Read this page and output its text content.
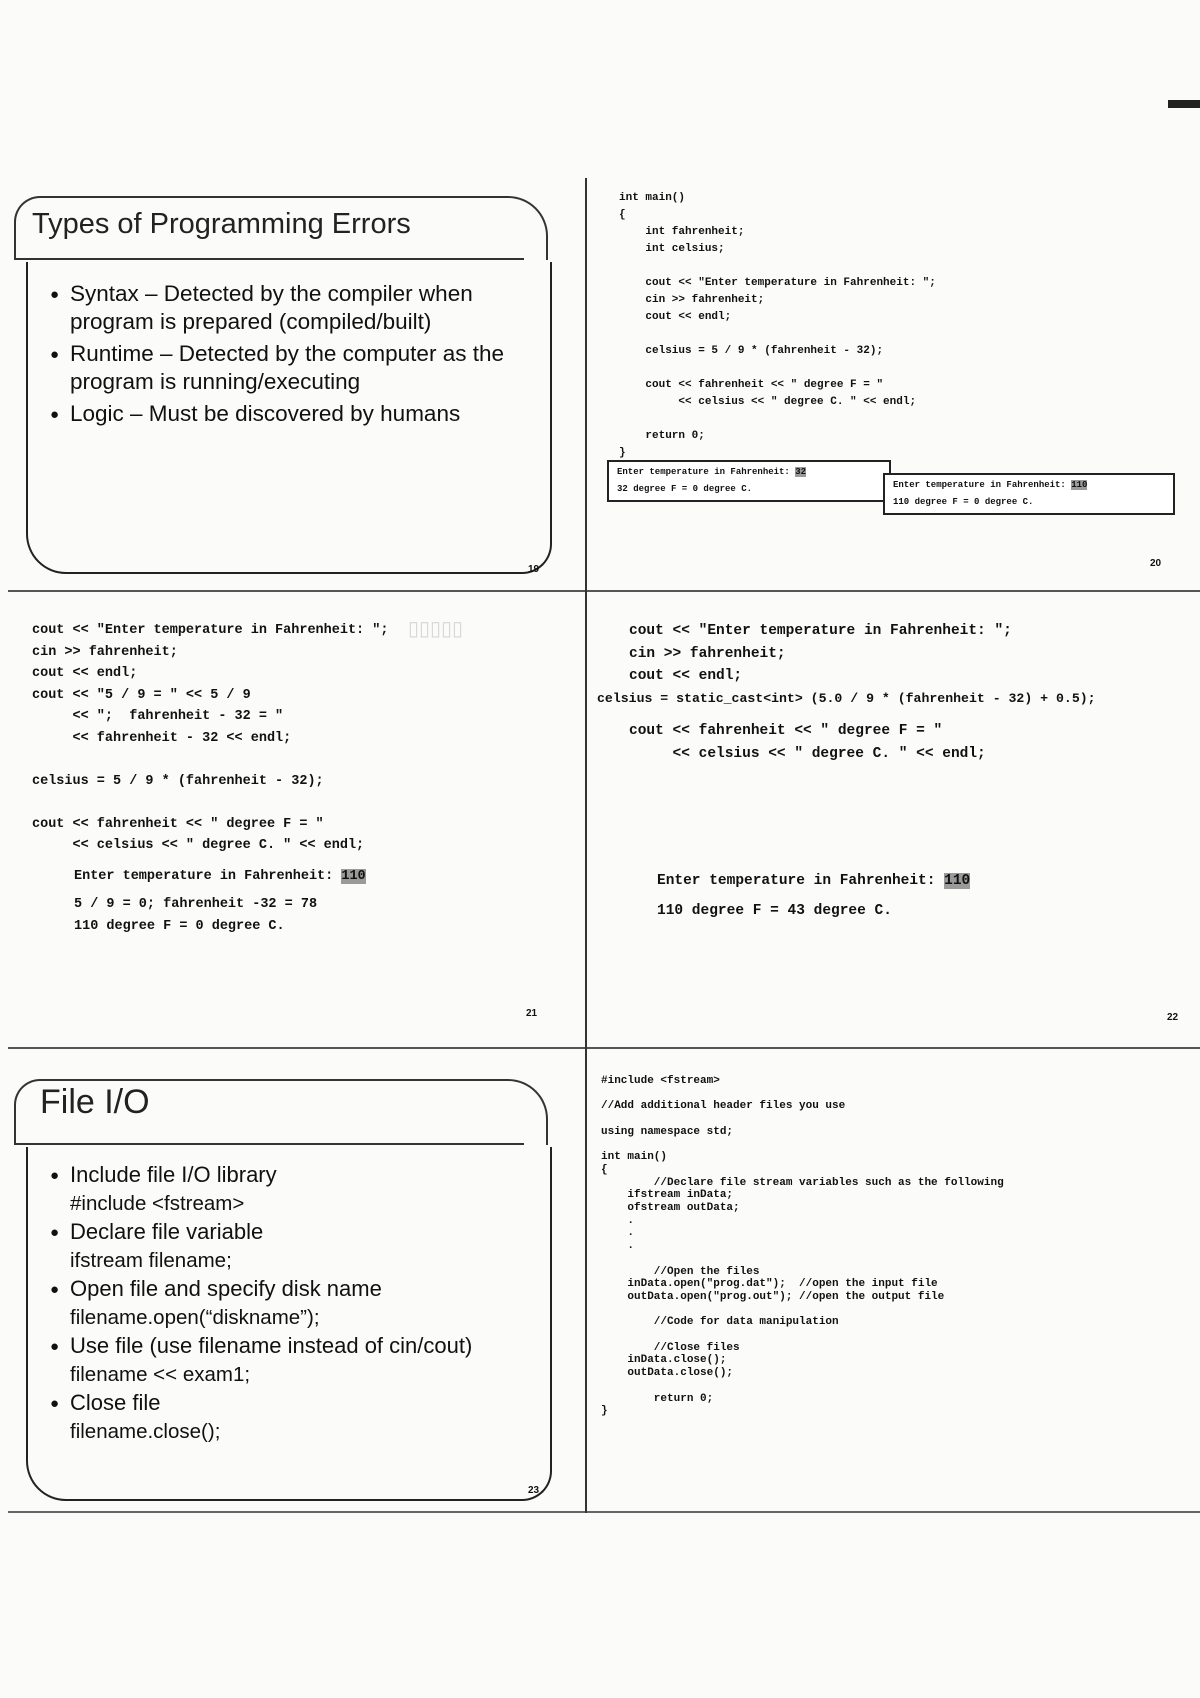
Types of Programming Errors
● Syntax – Detected by the compiler when program is prepared (compiled/built)
● Runtime – Detected by the computer as the program is running/executing
● Logic – Must be discovered by humans
19
int main()
{
int fahrenheit;
int celsius;

cout << "Enter temperature in Fahrenheit: ";
cin >> fahrenheit;
cout << endl;

celsius = 5 / 9 * (fahrenheit - 32);

cout << fahrenheit << " degree F = "
<< celsius << " degree C. " << endl;

return 0;
}
Enter temperature in Fahrenheit: 32
32 degree F = 0 degree C.	Enter temperature in Fahrenheit: 110
110 degree F = 0 degree C.
20
▯▯▯▯▯
cout << "Enter temperature in Fahrenheit: ";
cin >> fahrenheit;
cout << endl;
cout << "5 / 9 = " << 5 / 9
<< ";  fahrenheit - 32 = "
<< fahrenheit - 32 << endl;

celsius = 5 / 9 * (fahrenheit - 32);

cout << fahrenheit << " degree F = "
<< celsius << " degree C. " << endl;
Enter temperature in Fahrenheit: 110
5 / 9 = 0; fahrenheit -32 = 78
110 degree F = 0 degree C.
21
cout << "Enter temperature in Fahrenheit: ";
cin >> fahrenheit;
cout << endl;
celsius = static_cast<int> (5.0 / 9 * (fahrenheit - 32) + 0.5);
cout << fahrenheit << " degree F = "
<< celsius << " degree C. " << endl;
Enter temperature in Fahrenheit: 110
110 degree F = 43 degree C.
22
File I/O
● Include file I/O library
#include <fstream>
● Declare file variable
ifstream filename;
● Open file and specify disk name
filename.open(“diskname”);
● Use file (use filename instead of cin/cout)
filename << exam1;
● Close file
filename.close();
23
#include <fstream>

//Add additional header files you use

using namespace std;

int main()
{
//Declare file stream variables such as the following
ifstream inData;
ofstream outData;
.
.
.

//Open the files
inData.open("prog.dat");  //open the input file
outData.open("prog.out"); //open the output file

//Code for data manipulation

//Close files
inData.close();
outData.close();

return 0;
}
